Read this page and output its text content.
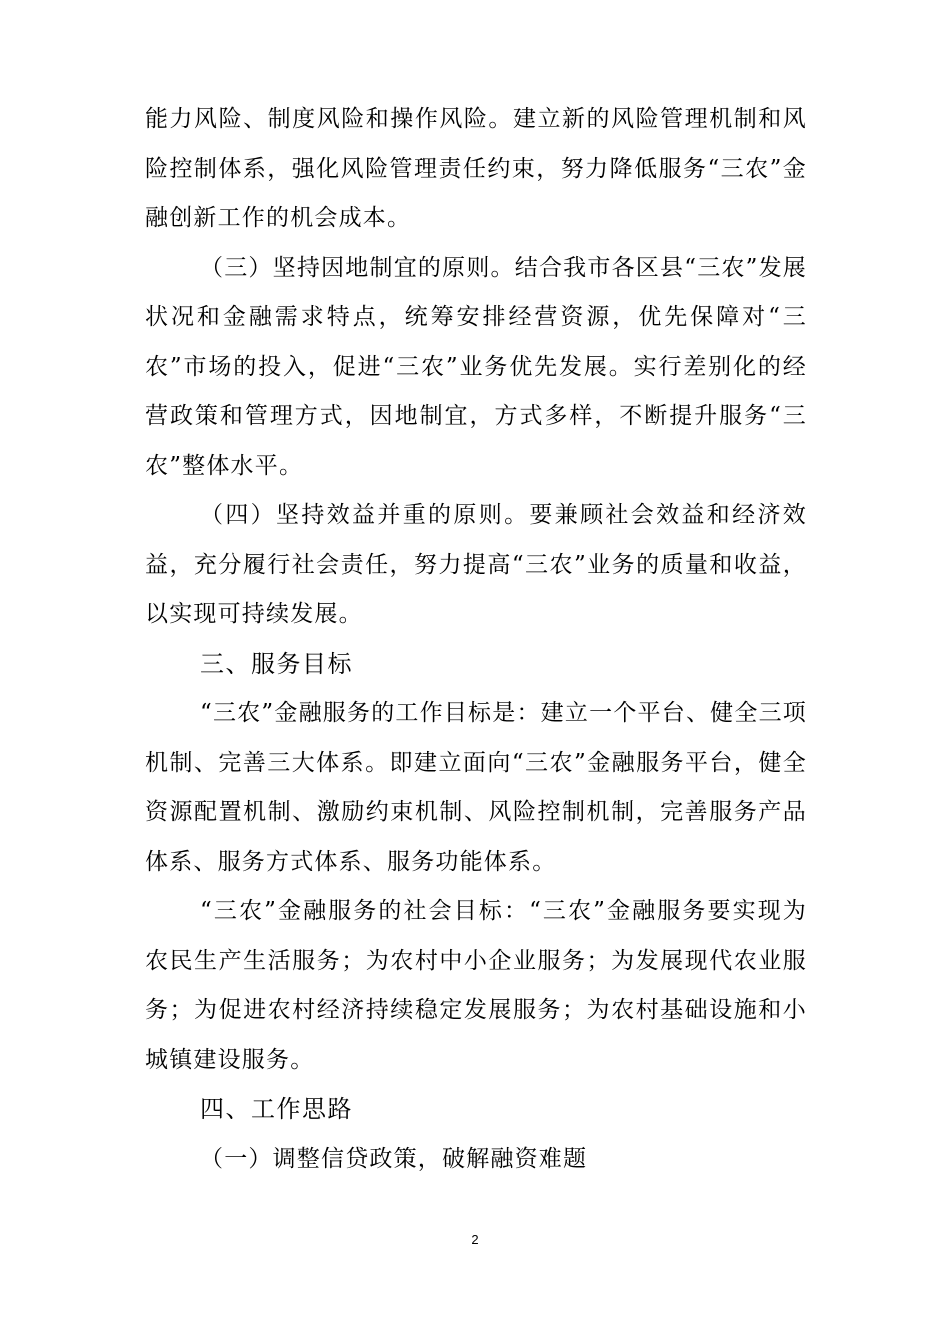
能力风险、制度风险和操作风险。建立新的风险管理机制和风险控制体系，强化风险管理责任约束，努力降低服务“三农”金融创新工作的机会成本。

（三）坚持因地制宜的原则。结合我市各区县“三农”发展状况和金融需求特点，统筹安排经营资源，优先保障对“三农”市场的投入，促进“三农”业务优先发展。实行差别化的经营政策和管理方式，因地制宜，方式多样，不断提升服务“三农”整体水平。

（四）坚持效益并重的原则。要兼顾社会效益和经济效益，充分履行社会责任，努力提高“三农”业务的质量和收益，以实现可持续发展。

三、服务目标

“三农”金融服务的工作目标是：建立一个平台、健全三项机制、完善三大体系。即建立面向“三农”金融服务平台，健全资源配置机制、激励约束机制、风险控制机制，完善服务产品体系、服务方式体系、服务功能体系。

“三农”金融服务的社会目标：“三农”金融服务要实现为农民生产生活服务；为农村中小企业服务；为发展现代农业服务；为促进农村经济持续稳定发展服务；为农村基础设施和小城镇建设服务。

四、工作思路

（一）调整信贷政策，破解融资难题

2
